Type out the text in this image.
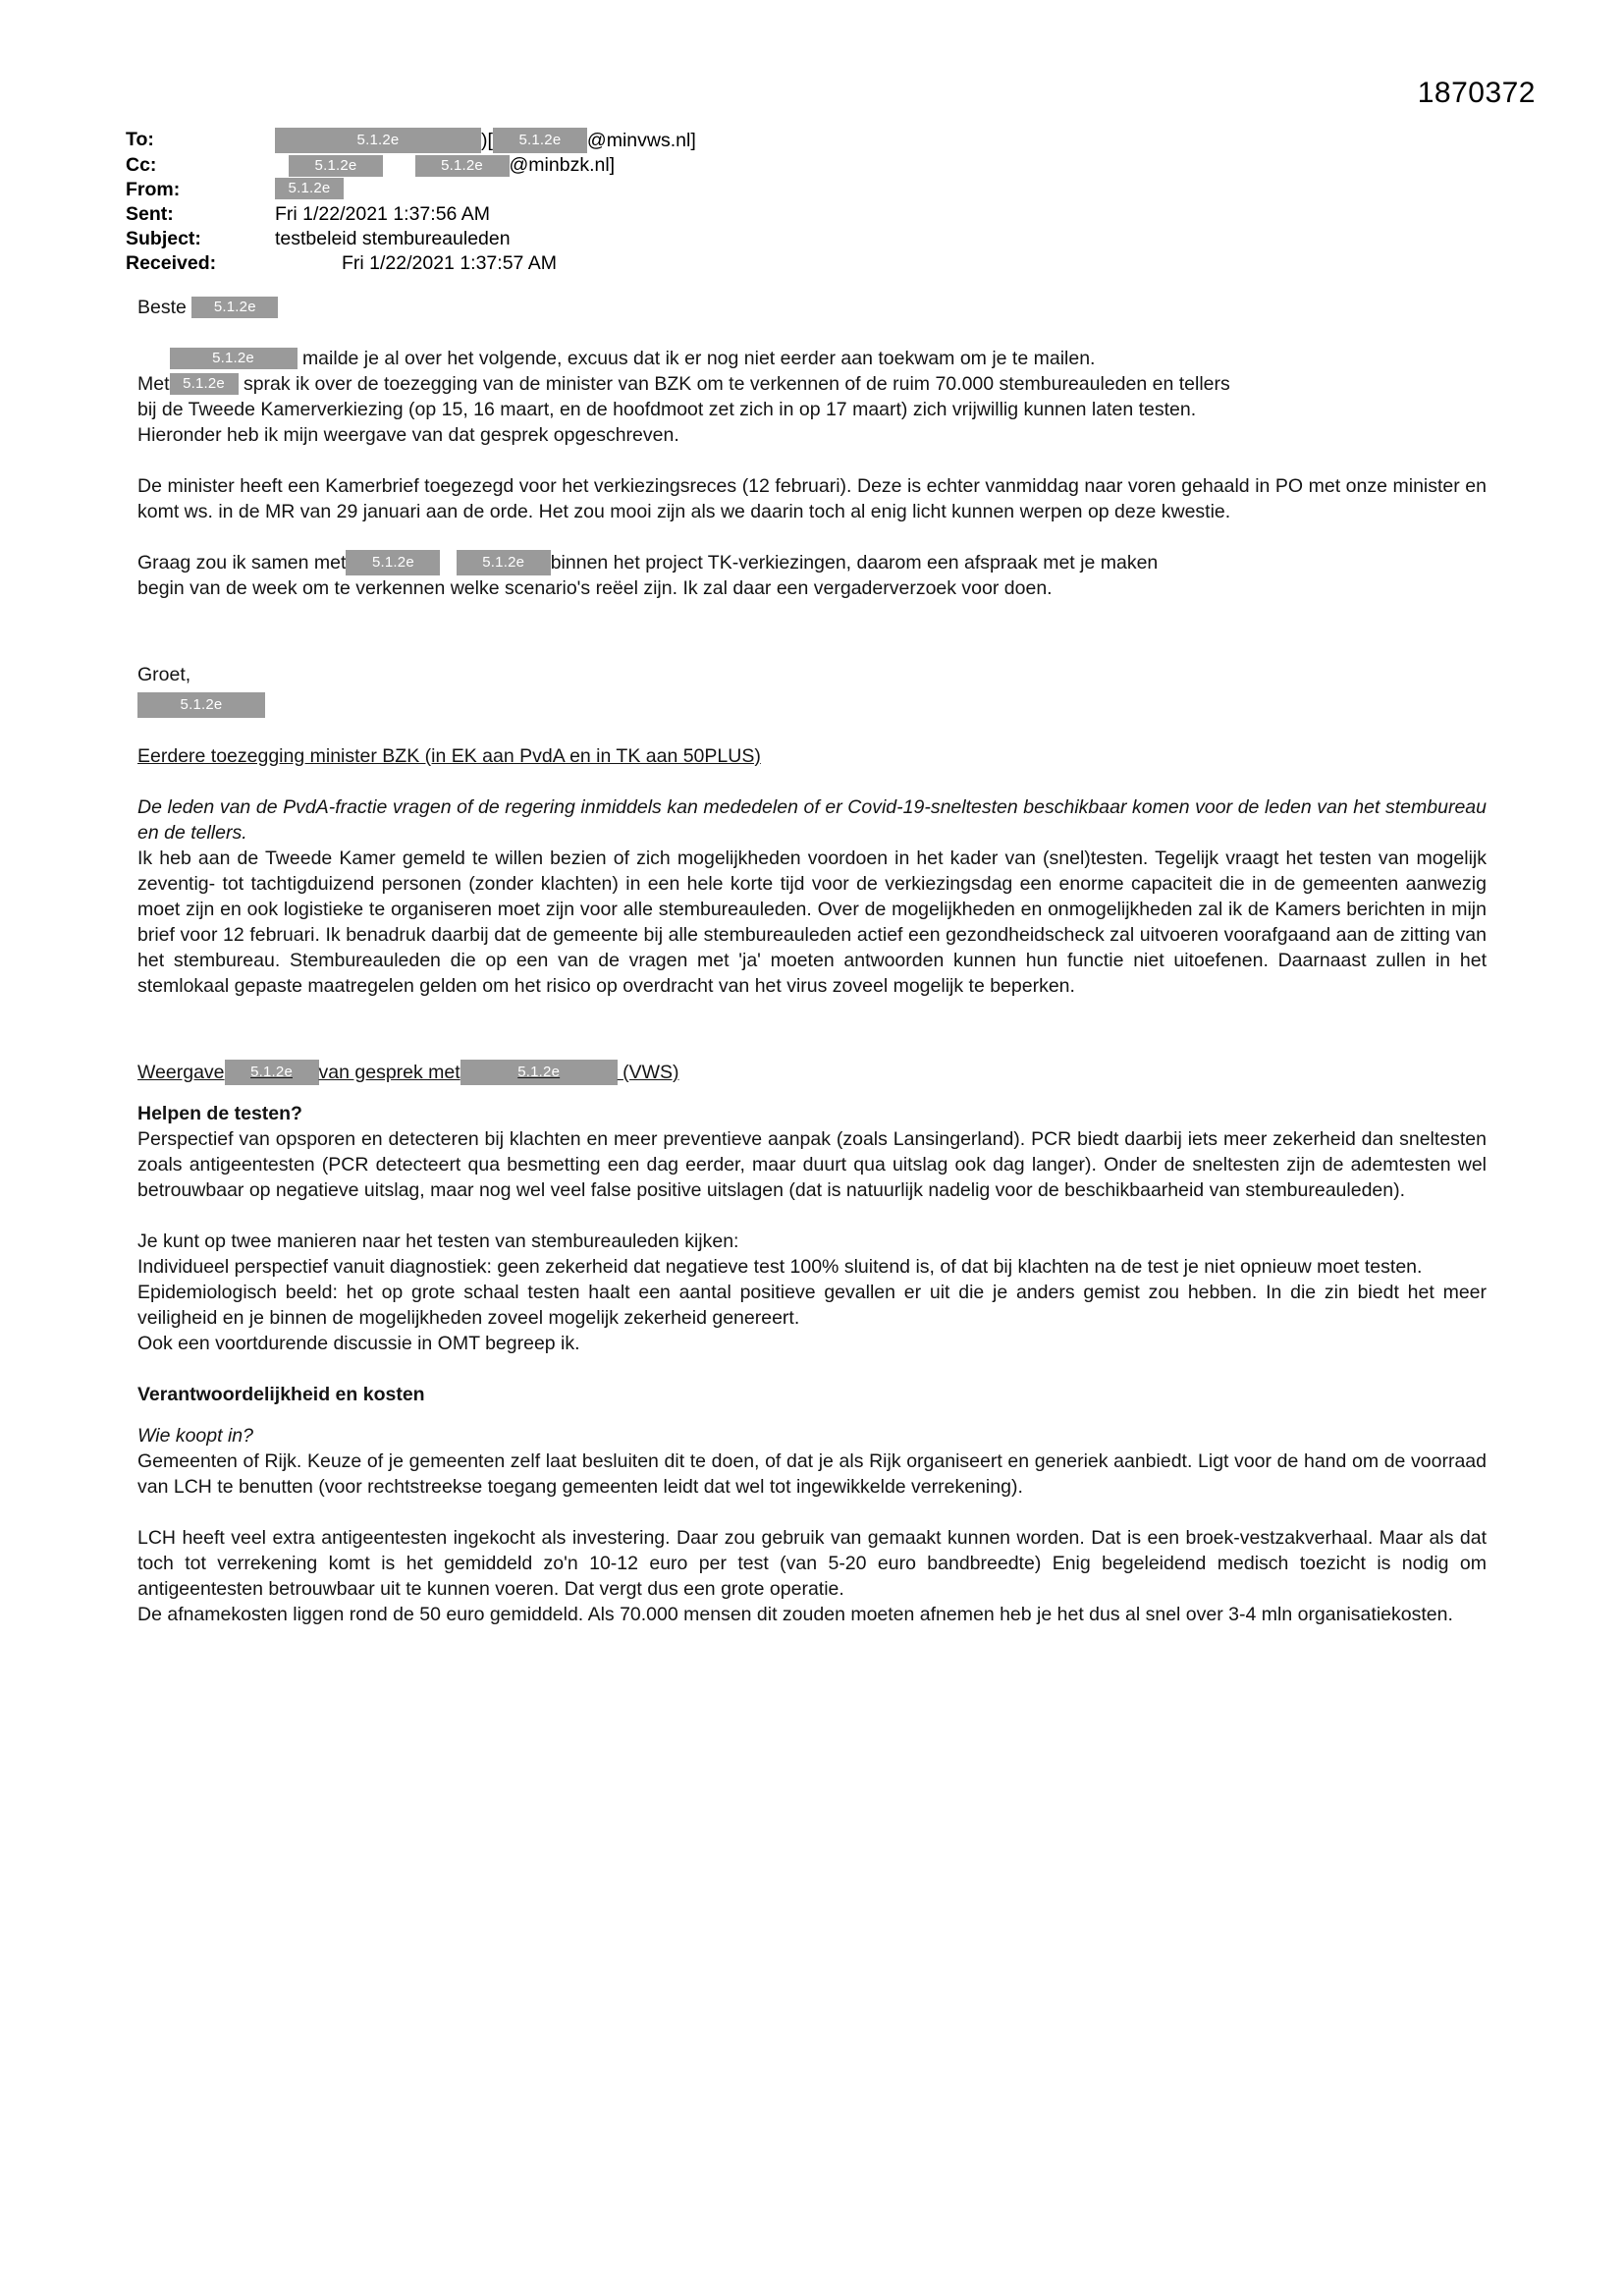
1870372
To:	5.1.2e	)[	5.1.2e	@minvws.nl]
Cc:	5.1.2e
	5.1.2e	@minbzk.nl]
From:	5.1.2e
Sent:	Fri 1/22/2021 1:37:56 AM
Subject:	testbeleid stembureauleden
Received:	Fri 1/22/2021 1:37:57 AM
Beste
	5.1.2e

5.1.2e
	mailde je al over het volgende, excuus dat ik er nog niet eerder aan toekwam om je te mailen.
Met 5.1.2e
sprak ik over de toezegging van de minister van BZK om te verkennen of de ruim 70.000 stembureauleden en tellers

bij de Tweede Kamerverkiezing (op 15, 16 maart, en de hoofdmoot zet zich in op 17 maart) zich vrijwillig kunnen laten testen.

Hieronder heb ik mijn weergave van dat gesprek opgeschreven.

De minister heeft een Kamerbrief toegezegd voor het verkiezingsreces (12 februari). Deze is echter vanmiddag naar voren gehaald in PO met onze minister en komt ws. in de MR van 29 januari aan de orde. Het zou mooi zijn als we daarin toch al enig licht kunnen werpen op deze kwestie.

Graag zou ik samen met	5.1.2e
	5.1.2e	binnen het project TK-verkiezingen, daarom een afspraak met je maken

begin van de week om te verkennen welke scenario's reëel zijn. Ik zal daar een vergaderverzoek voor doen.

Groet,

5.1.2e

Eerdere toezegging minister BZK (in EK aan PvdA en in TK aan 50PLUS)

De leden van de PvdA-fractie vragen of de regering inmiddels kan mededelen of er Covid-19-sneltesten beschikbaar komen voor de leden van het stembureau en de tellers.

Ik heb aan de Tweede Kamer gemeld te willen bezien of zich mogelijkheden voordoen in het kader van (snel)testen. Tegelijk vraagt het testen van mogelijk zeventig- tot tachtigduizend personen (zonder klachten) in een hele korte tijd voor de verkiezingsdag een enorme capaciteit die in de gemeenten aanwezig moet zijn en ook logistieke te organiseren moet zijn voor alle stembureauleden. Over de mogelijkheden en onmogelijkheden zal ik de Kamers berichten in mijn brief voor 12 februari. Ik benadruk daarbij dat de gemeente bij alle stembureauleden actief een gezondheidscheck zal uitvoeren voorafgaand aan de zitting van het stembureau. Stembureauleden die op een van de vragen met 'ja' moeten antwoorden kunnen hun functie niet uitoefenen. Daarnaast zullen in het stemlokaal gepaste maatregelen gelden om het risico op overdracht van het virus zoveel mogelijk te beperken.

Weergave	5.1.2e	van gesprek met	5.1.2e
	(VWS)

Helpen de testen?

Perspectief van opsporen en detecteren bij klachten en meer preventieve aanpak (zoals Lansingerland). PCR biedt daarbij iets meer zekerheid dan sneltesten zoals antigeentesten (PCR detecteert qua besmetting een dag eerder, maar duurt qua uitslag ook dag langer). Onder de sneltesten zijn de ademtesten wel betrouwbaar op negatieve uitslag, maar nog wel veel false positive uitslagen (dat is natuurlijk nadelig voor de beschikbaarheid van stembureauleden).

Je kunt op twee manieren naar het testen van stembureauleden kijken:

Individueel perspectief vanuit diagnostiek: geen zekerheid dat negatieve test 100% sluitend is, of dat bij klachten na de test je niet opnieuw moet testen.

Epidemiologisch beeld: het op grote schaal testen haalt een aantal positieve gevallen er uit die je anders gemist zou hebben. In die zin biedt het meer veiligheid en je binnen de mogelijkheden zoveel mogelijk zekerheid genereert.

Ook een voortdurende discussie in OMT begreep ik.

Verantwoordelijkheid en kosten

Wie koopt in?

Gemeenten of Rijk. Keuze of je gemeenten zelf laat besluiten dit te doen, of dat je als Rijk organiseert en generiek aanbiedt. Ligt voor de hand om de voorraad van LCH te benutten (voor rechtstreekse toegang gemeenten leidt dat wel tot ingewikkelde verrekening).

LCH heeft veel extra antigeentesten ingekocht als investering. Daar zou gebruik van gemaakt kunnen worden. Dat is een broek-vestzakverhaal. Maar als dat toch tot verrekening komt is het gemiddeld zo'n 10-12 euro per test (van 5-20 euro bandbreedte) Enig begeleidend medisch toezicht is nodig om antigeentesten betrouwbaar uit te kunnen voeren. Dat vergt dus een grote operatie.

De afnamekosten liggen rond de 50 euro gemiddeld. Als 70.000 mensen dit zouden moeten afnemen heb je het dus al snel over 3-4 mln organisatiekosten.
